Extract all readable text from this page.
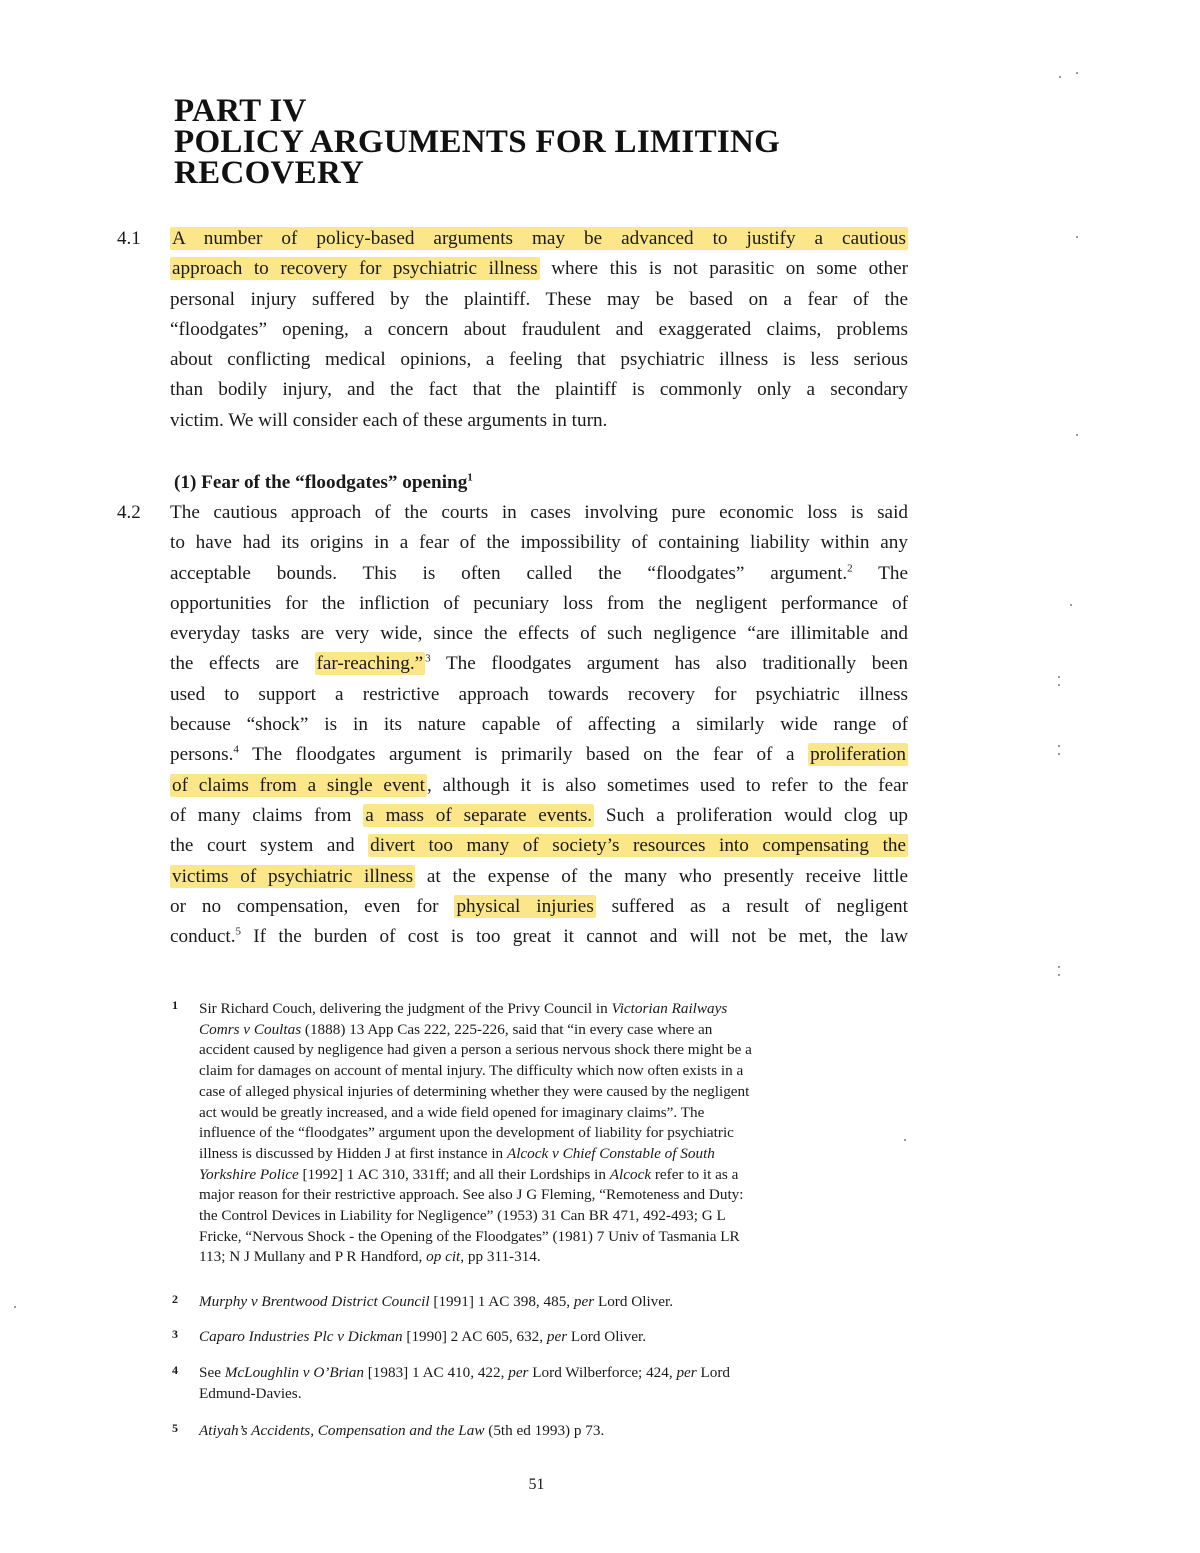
PART IV
POLICY ARGUMENTS FOR LIMITING
RECOVERY
4.1 A number of policy-based arguments may be advanced to justify a cautious
approach to recovery for psychiatric illness where this is not parasitic on some other
personal injury suffered by the plaintiff. These may be based on a fear of the
“floodgates” opening, a concern about fraudulent and exaggerated claims, problems
about conflicting medical opinions, a feeling that psychiatric illness is less serious
than bodily injury, and the fact that the plaintiff is commonly only a secondary
victim. We will consider each of these arguments in turn.
(1) Fear of the “floodgates” opening$^1$
4.2 The cautious approach of the courts in cases involving pure economic loss is said
to have had its origins in a fear of the impossibility of containing liability within any
acceptable bounds. This is often called the “floodgates” argument.$^2$ The
opportunities for the infliction of pecuniary loss from the negligent performance of
everyday tasks are very wide, since the effects of such negligence “are illimitable and
the effects are far-reaching.” $^3$ The floodgates argument has also traditionally been
used to support a restrictive approach towards recovery for psychiatric illness
because “shock” is in its nature capable of affecting a similarly wide range of
persons.$^4$ The floodgates argument is primarily based on the fear of a proliferation
of claims from a single event , although it is also sometimes used to refer to the fear
of many claims from a mass of separate events. Such a proliferation would clog up
the court system and divert too many of society’s resources into compensating the
victims of psychiatric illness at the expense of the many who presently receive little
or no compensation, even for physical injuries suffered as a result of negligent
conduct.$^5$ If the burden of cost is too great it cannot and will not be met, the law
1 Sir Richard Couch, delivering the judgment of the Privy Council in Victorian Railways
Comrs v Coultas (1888) 13 App Cas 222, 225-226, said that “in every case where an
accident caused by negligence had given a person a serious nervous shock there might be a
claim for damages on account of mental injury. The difficulty which now often exists in a
case of alleged physical injuries of determining whether they were caused by the negligent
act would be greatly increased, and a wide field opened for imaginary claims”. The
influence of the “floodgates” argument upon the development of liability for psychiatric
illness is discussed by Hidden J at first instance in Alcock v Chief Constable of South
Yorkshire Police [1992] 1 AC 310, 331ff; and all their Lordships in Alcock refer to it as a
major reason for their restrictive approach. See also J G Fleming, “Remoteness and Duty:
the Control Devices in Liability for Negligence” (1953) 31 Can BR 471, 492-493; G L
Fricke, “Nervous Shock - the Opening of the Floodgates” (1981) 7 Univ of Tasmania LR
113; N J Mullany and P R Handford, op cit, pp 311-314.
2 Murphy v Brentwood District Council [1991] 1 AC 398, 485, per Lord Oliver.
3 Caparo Industries Plc v Dickman [1990] 2 AC 605, 632, per Lord Oliver.
4 See McLoughlin v O’Brian [1983] 1 AC 410, 422, per Lord Wilberforce; 424, per Lord
Edmund-Davies.
5 Atiyah’s Accidents, Compensation and the Law (5th ed 1993) p 73.
51
